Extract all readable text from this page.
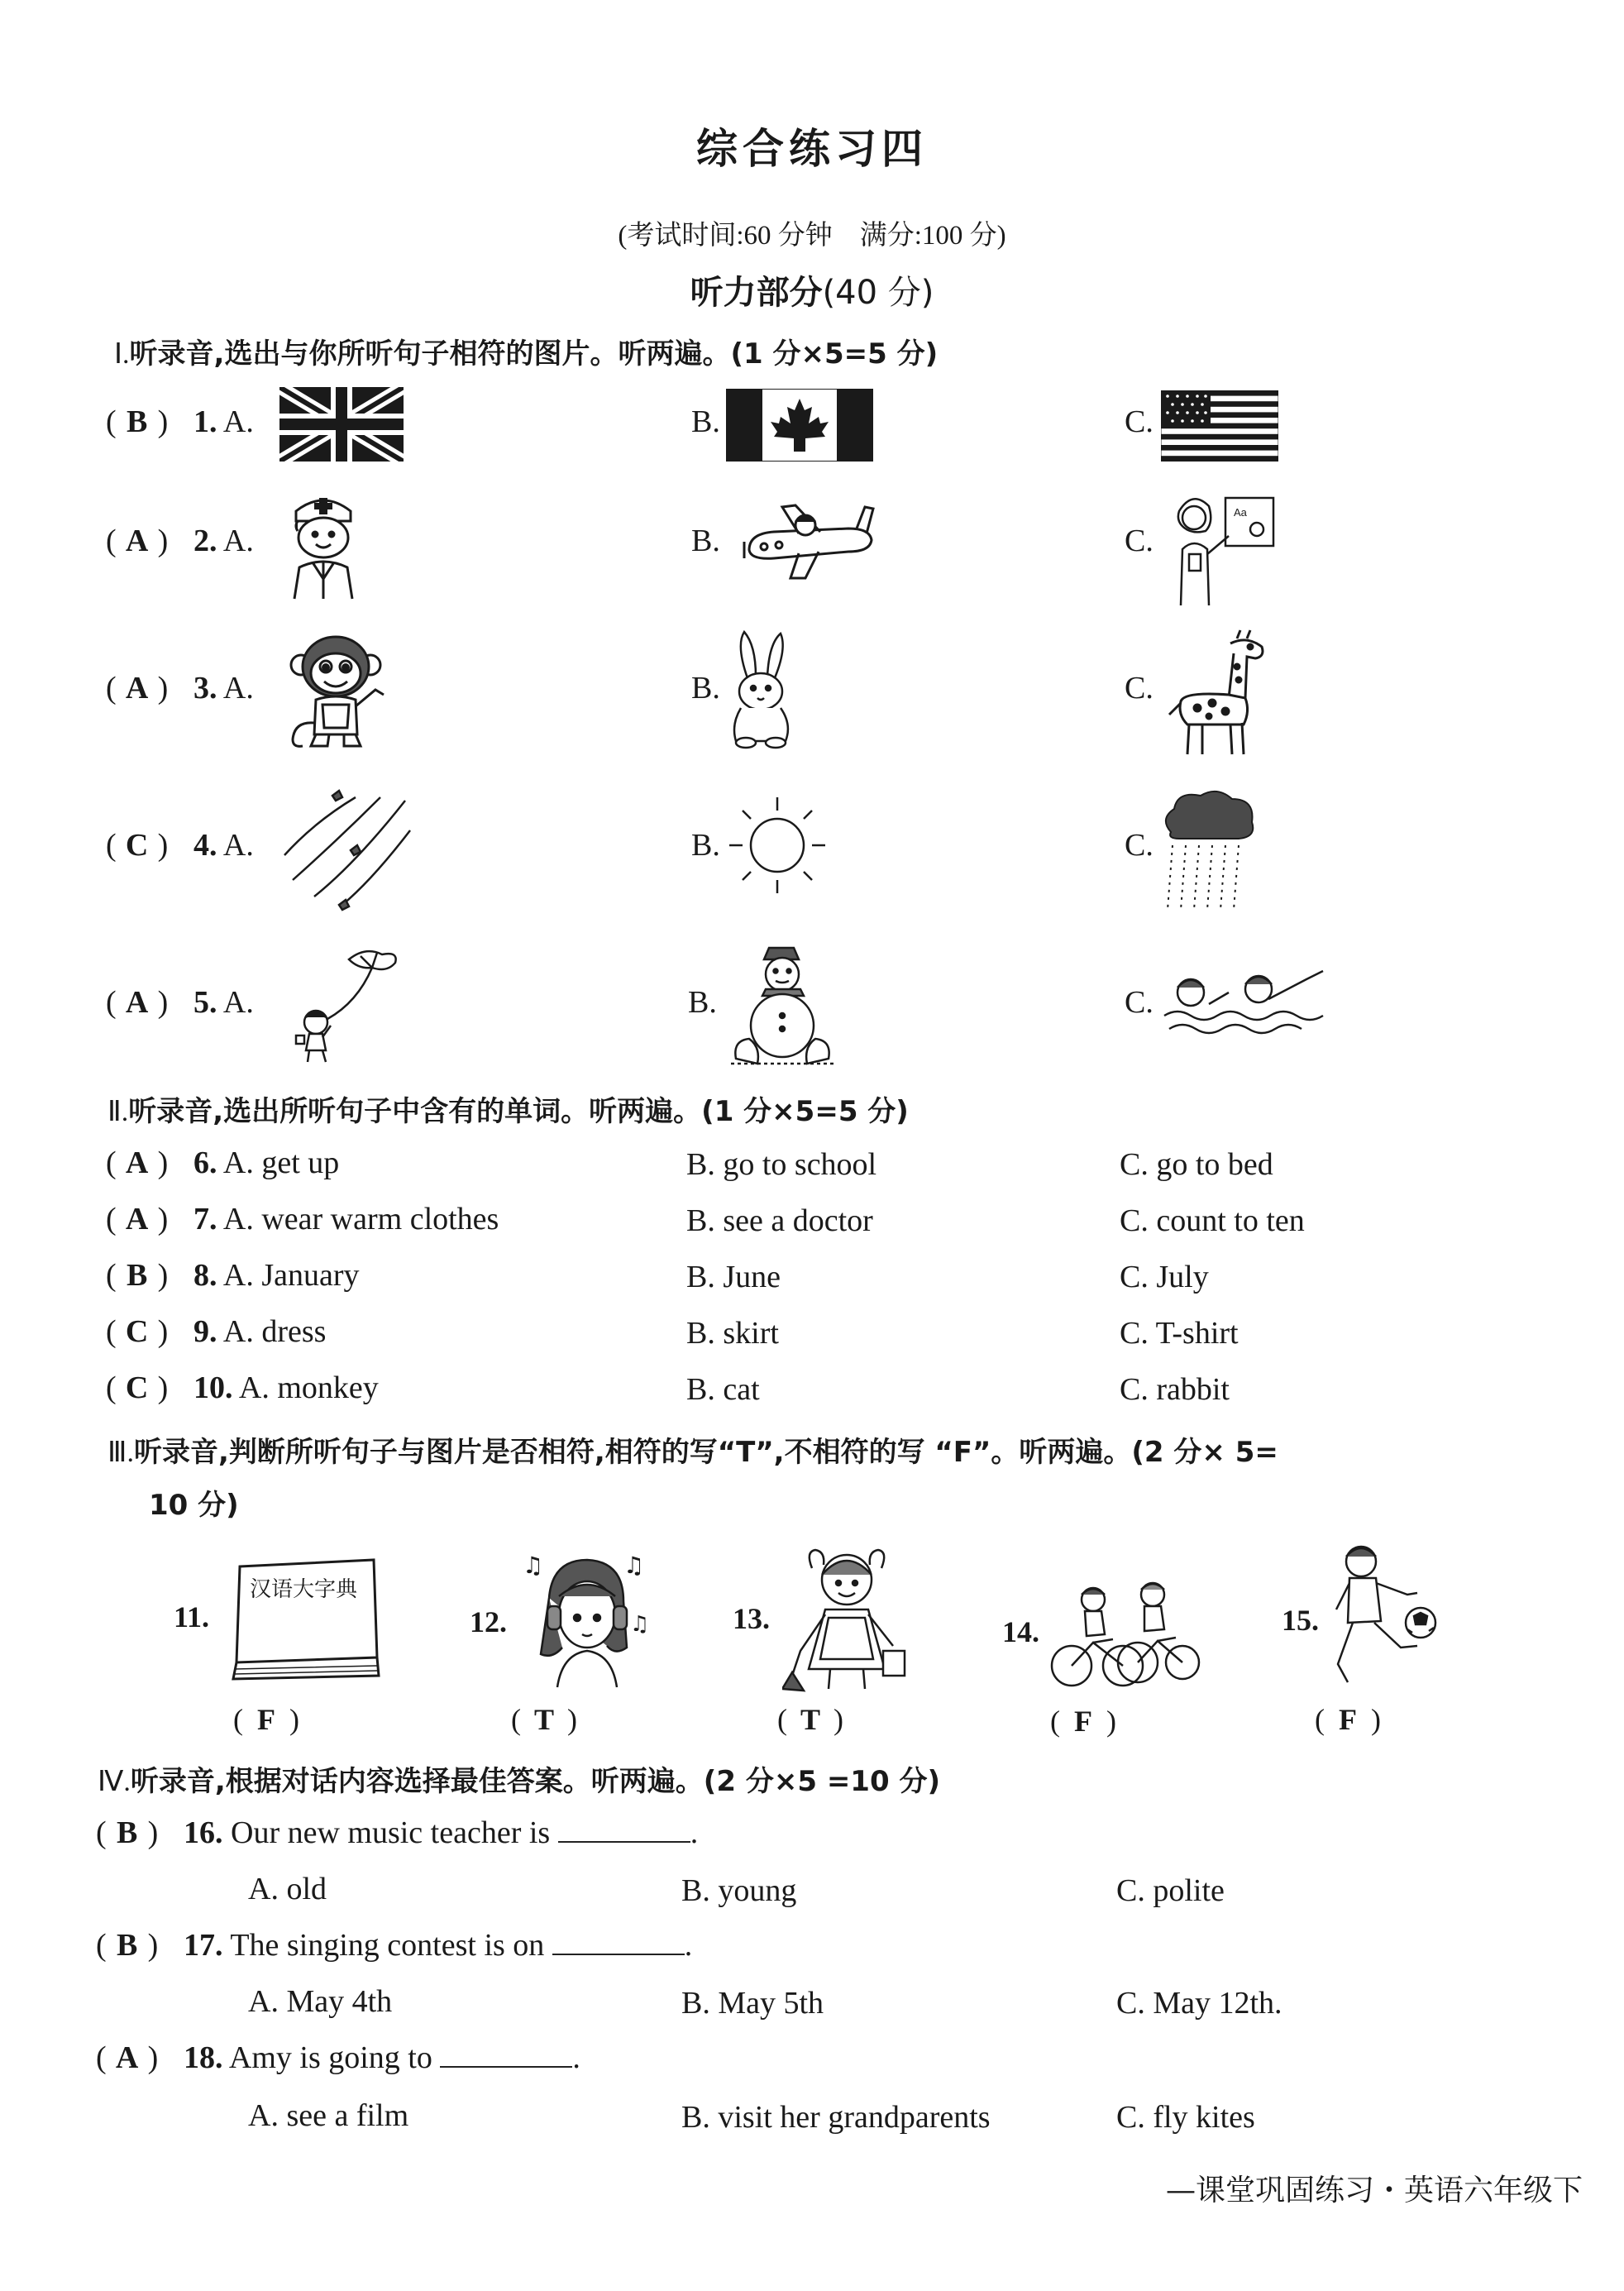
综合练习四
(考试时间:60 分钟　满分:100 分)
听力部分(40 分)
Ⅰ.听录音,选出与你所听句子相符的图片。听两遍。(1 分×5=5 分)
( B ) 1. A.	B.	C.
( A ) 2. A.	B.	C.
Aa
( A ) 3. A.	B.	C.
( C ) 4. A.	B.	C.
( A ) 5. A.	B.	C.
Ⅱ.听录音,选出所听句子中含有的单词。听两遍。(1 分×5=5 分)
( A ) 6. A. get up	B. go to school	C. go to bed
( A ) 7. A. wear warm clothes	B. see a doctor	C. count to ten
( B ) 8. A. January	B. June	C. July
( C ) 9. A. dress	B. skirt	C. T-shirt
( C ) 10. A. monkey	B. cat	C. rabbit
Ⅲ.听录音,判断所听句子与图片是否相符,相符的写“T”,不相符的写 “F”。听两遍。(2 分× 5=
10 分)
11.
汉语大字典
( F )
12.
♫	♫
♫
( T )
13.
( T )
14.
( F )
15.
( F )
Ⅳ.听录音,根据对话内容选择最佳答案。听两遍。(2 分×5 =10 分)
( B ) 16. Our new music teacher is	.
A. old	B. young	C. polite
( B ) 17. The singing contest is on	.
A. May 4th	B. May 5th	C. May 12th.
( A ) 18. Amy is going to	.
A. see a film	B. visit her grandparents	C. fly kites
—课堂巩固练习・英语六年级下
